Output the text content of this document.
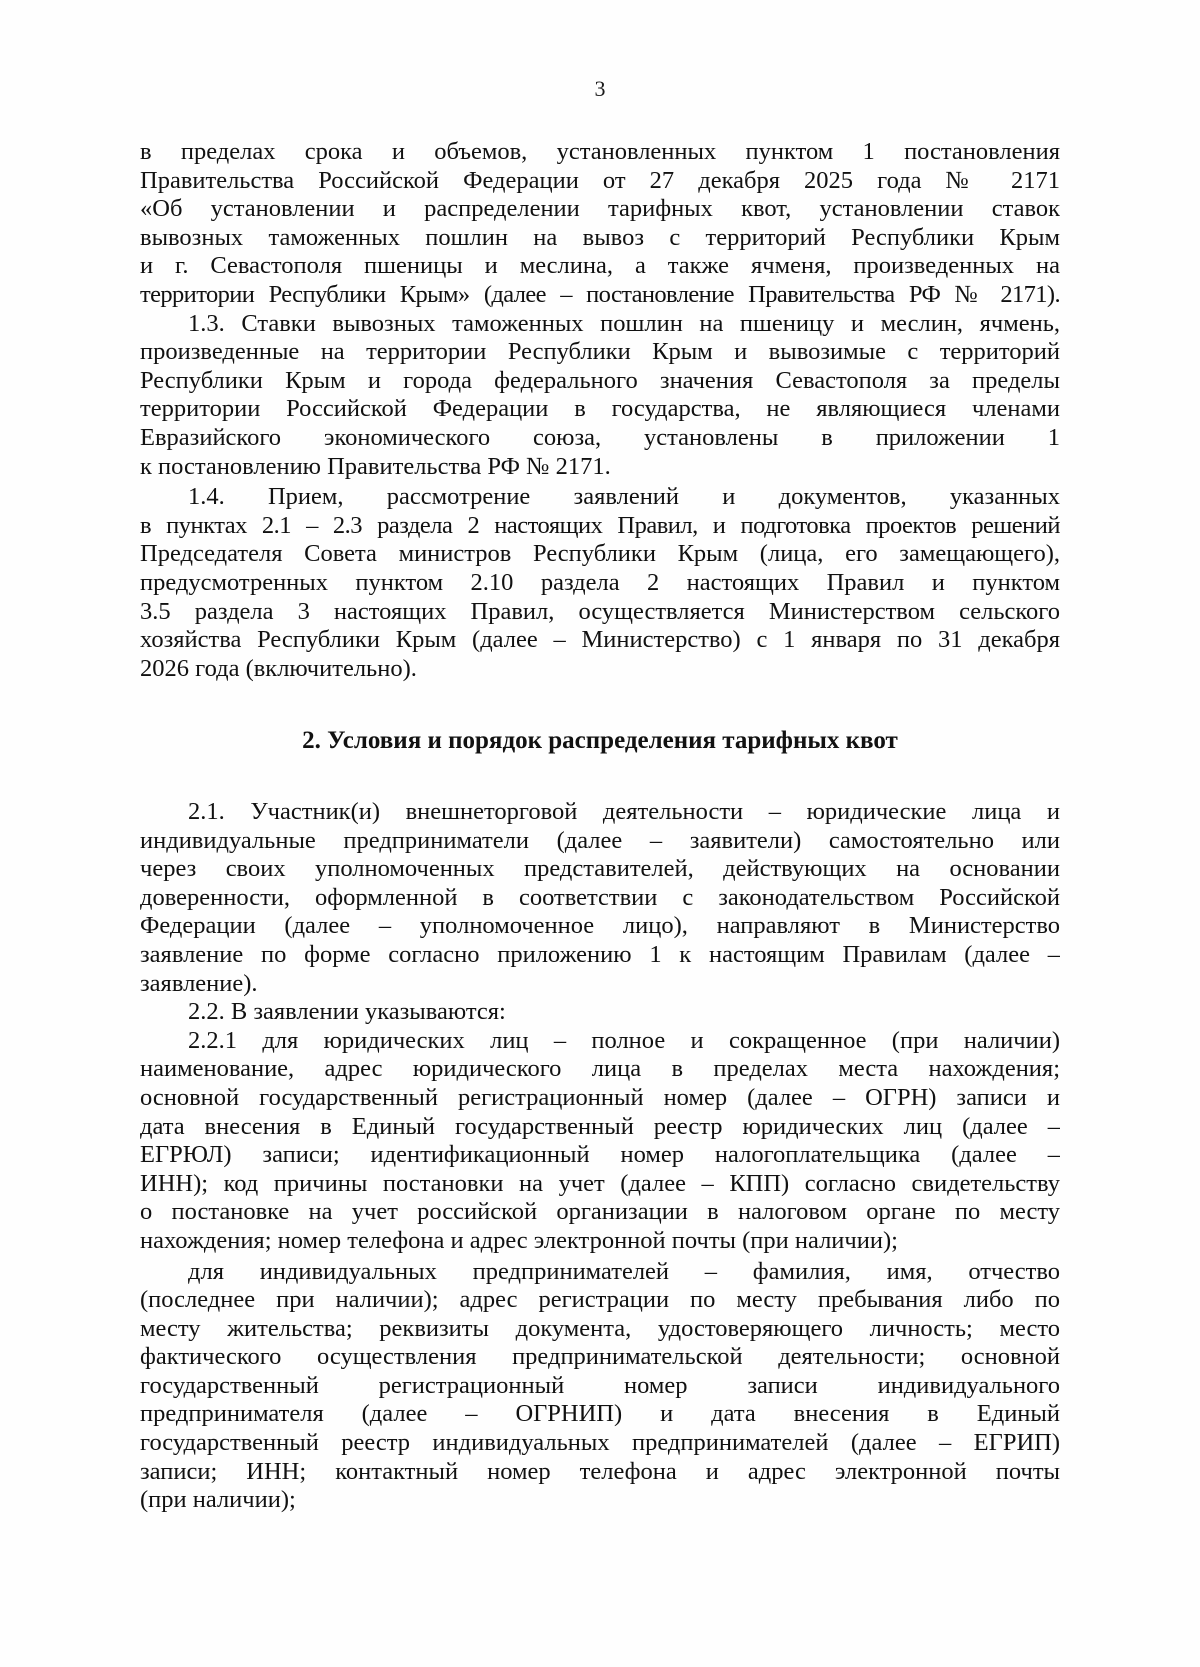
3
в пределах срока и объемов, установленных пунктом 1 постановления
Правительства Российской Федерации от 27 декабря 2025 года № 2171
«Об установлении и распределении тарифных квот, установлении ставок
вывозных таможенных пошлин на вывоз с территорий Республики Крым
и г. Севастополя пшеницы и меслина, а также ячменя, произведенных на
территории Республики Крым» (далее – постановление Правительства РФ № 2171).
1.3. Ставки вывозных таможенных пошлин на пшеницу и меслин, ячмень,
произведенные на территории Республики Крым и вывозимые с территорий
Республики Крым и города федерального значения Севастополя за пределы
территории Российской Федерации в государства, не являющиеся членами
Евразийского экономического союза, установлены в приложении 1
к постановлению Правительства РФ № 2171.
1.4. Прием, рассмотрение заявлений и документов, указанных
в пунктах 2.1 – 2.3 раздела 2 настоящих Правил, и подготовка проектов решений
Председателя Совета министров Республики Крым (лица, его замещающего),
предусмотренных пунктом 2.10 раздела 2 настоящих Правил и пунктом
3.5 раздела 3 настоящих Правил, осуществляется Министерством сельского
хозяйства Республики Крым (далее – Министерство) с 1 января по 31 декабря
2026 года (включительно).
2. Условия и порядок распределения тарифных квот
2.1. Участник(и) внешнеторговой деятельности – юридические лица и
индивидуальные предприниматели (далее – заявители) самостоятельно или
через своих уполномоченных представителей, действующих на основании
доверенности, оформленной в соответствии с законодательством Российской
Федерации (далее – уполномоченное лицо), направляют в Министерство
заявление по форме согласно приложению 1 к настоящим Правилам (далее –
заявление).
2.2. В заявлении указываются:
2.2.1 для юридических лиц – полное и сокращенное (при наличии)
наименование, адрес юридического лица в пределах места нахождения;
основной государственный регистрационный номер (далее – ОГРН) записи и
дата внесения в Единый государственный реестр юридических лиц (далее –
ЕГРЮЛ) записи; идентификационный номер налогоплательщика (далее –
ИНН); код причины постановки на учет (далее – КПП) согласно свидетельству
о постановке на учет российской организации в налоговом органе по месту
нахождения; номер телефона и адрес электронной почты (при наличии);
для индивидуальных предпринимателей – фамилия, имя, отчество
(последнее при наличии); адрес регистрации по месту пребывания либо по
месту жительства; реквизиты документа, удостоверяющего личность; место
фактического осуществления предпринимательской деятельности; основной
государственный регистрационный номер записи индивидуального
предпринимателя (далее – ОГРНИП) и дата внесения в Единый
государственный реестр индивидуальных предпринимателей (далее – ЕГРИП)
записи; ИНН; контактный номер телефона и адрес электронной почты
(при наличии);
